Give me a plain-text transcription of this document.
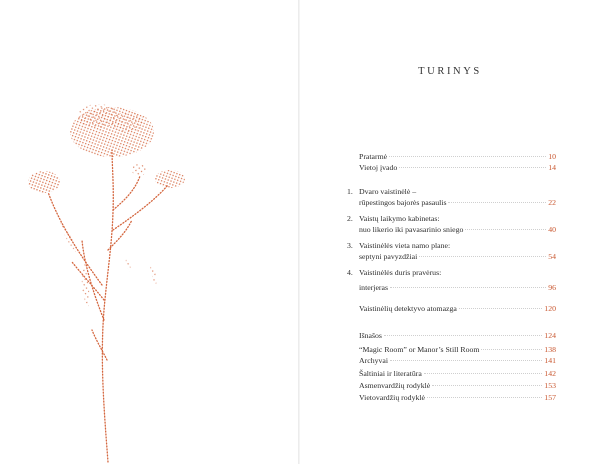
TURINYS
Pratarmė	10
Vietoj įvado	14
1. Dvaro vaistinėlė –
rūpestingos bajorės pasaulis	22
2. Vaistų laikymo kabinetas:
nuo likerio iki pavasarinio sniego	40
3. Vaistinėlės vieta namo plane:
septyni pavyzdžiai	54
4. Vaistinėlės duris pravėrus:
interjeras	96
Vaistinėlių detektyvo atomazga	120
Išnašos	124
“Magic Room” or Manor’s Still Room	138
Archyvai	141
Šaltiniai ir literatūra	142
Asmenvardžių rodyklė	153
Vietovardžių rodyklė	157
